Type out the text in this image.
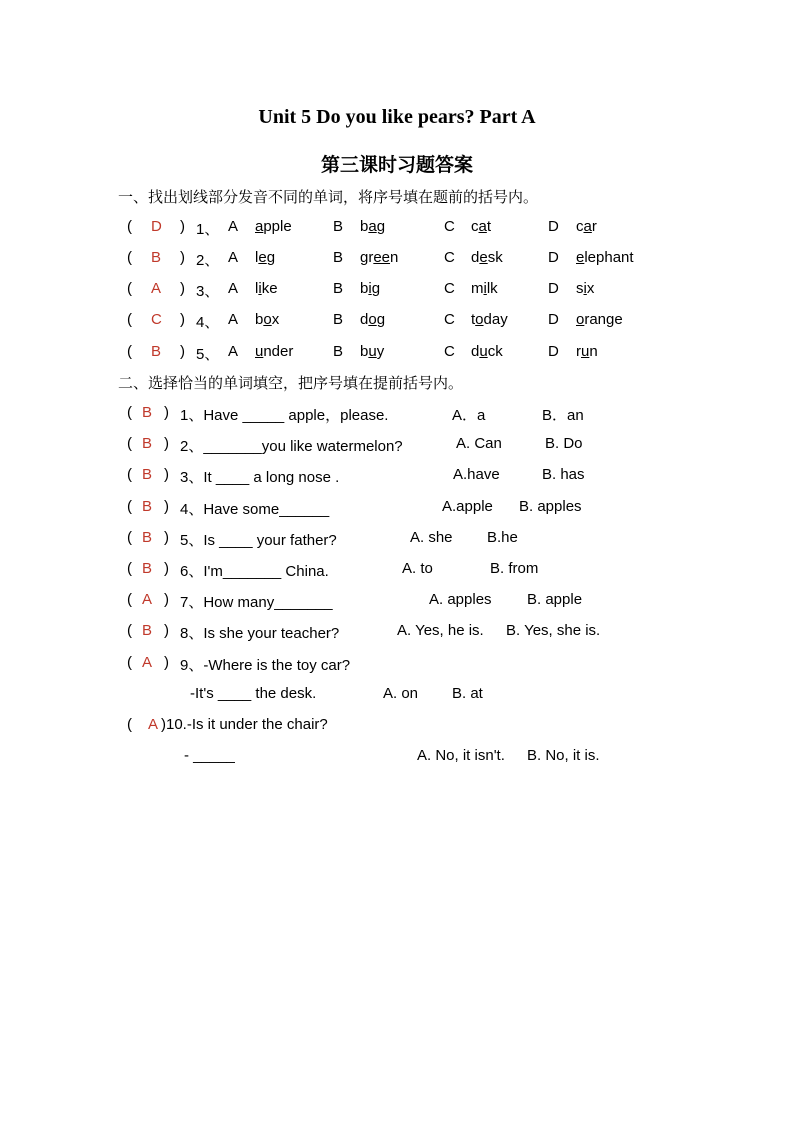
Unit 5 Do you like pears? Part A
第三课时习题答案
一、找出划线部分发音不同的单词，将序号填在题前的括号内。
( D ) 1、 A apple	B bag	C cat	D car
( B ) 2、 A leg	B green	C desk	D elephant
( A ) 3、 A like	B big	C milk	D six
( C ) 4、 A box	B dog	C today	D orange
( B ) 5、 A under	B buy	C duck	D run
二、选择恰当的单词填空，把序号填在提前括号内。
( B ) 1、Have _____ apple，please.	A．a	B．an
( B ) 2、_______you like watermelon?	A. Can	B. Do
( B ) 3、It ____ a long nose .	A.have	B. has
( B ) 4、Have some______	A.apple B. apples
( B ) 5、Is ____ your father?	A. she B.he
( B ) 6、I'm_______ China.	A. to	B. from
( A ) 7、How many_______	A. apples B. apple
( B ) 8、Is she your teacher?	A. Yes, he is. B. Yes, she is.
( A ) 9、-Where is the toy car?
-It's ____ the desk.	A. on B. at
( A )10.-Is it under the chair?
- _____	A. No, it isn't. B. No, it is.
